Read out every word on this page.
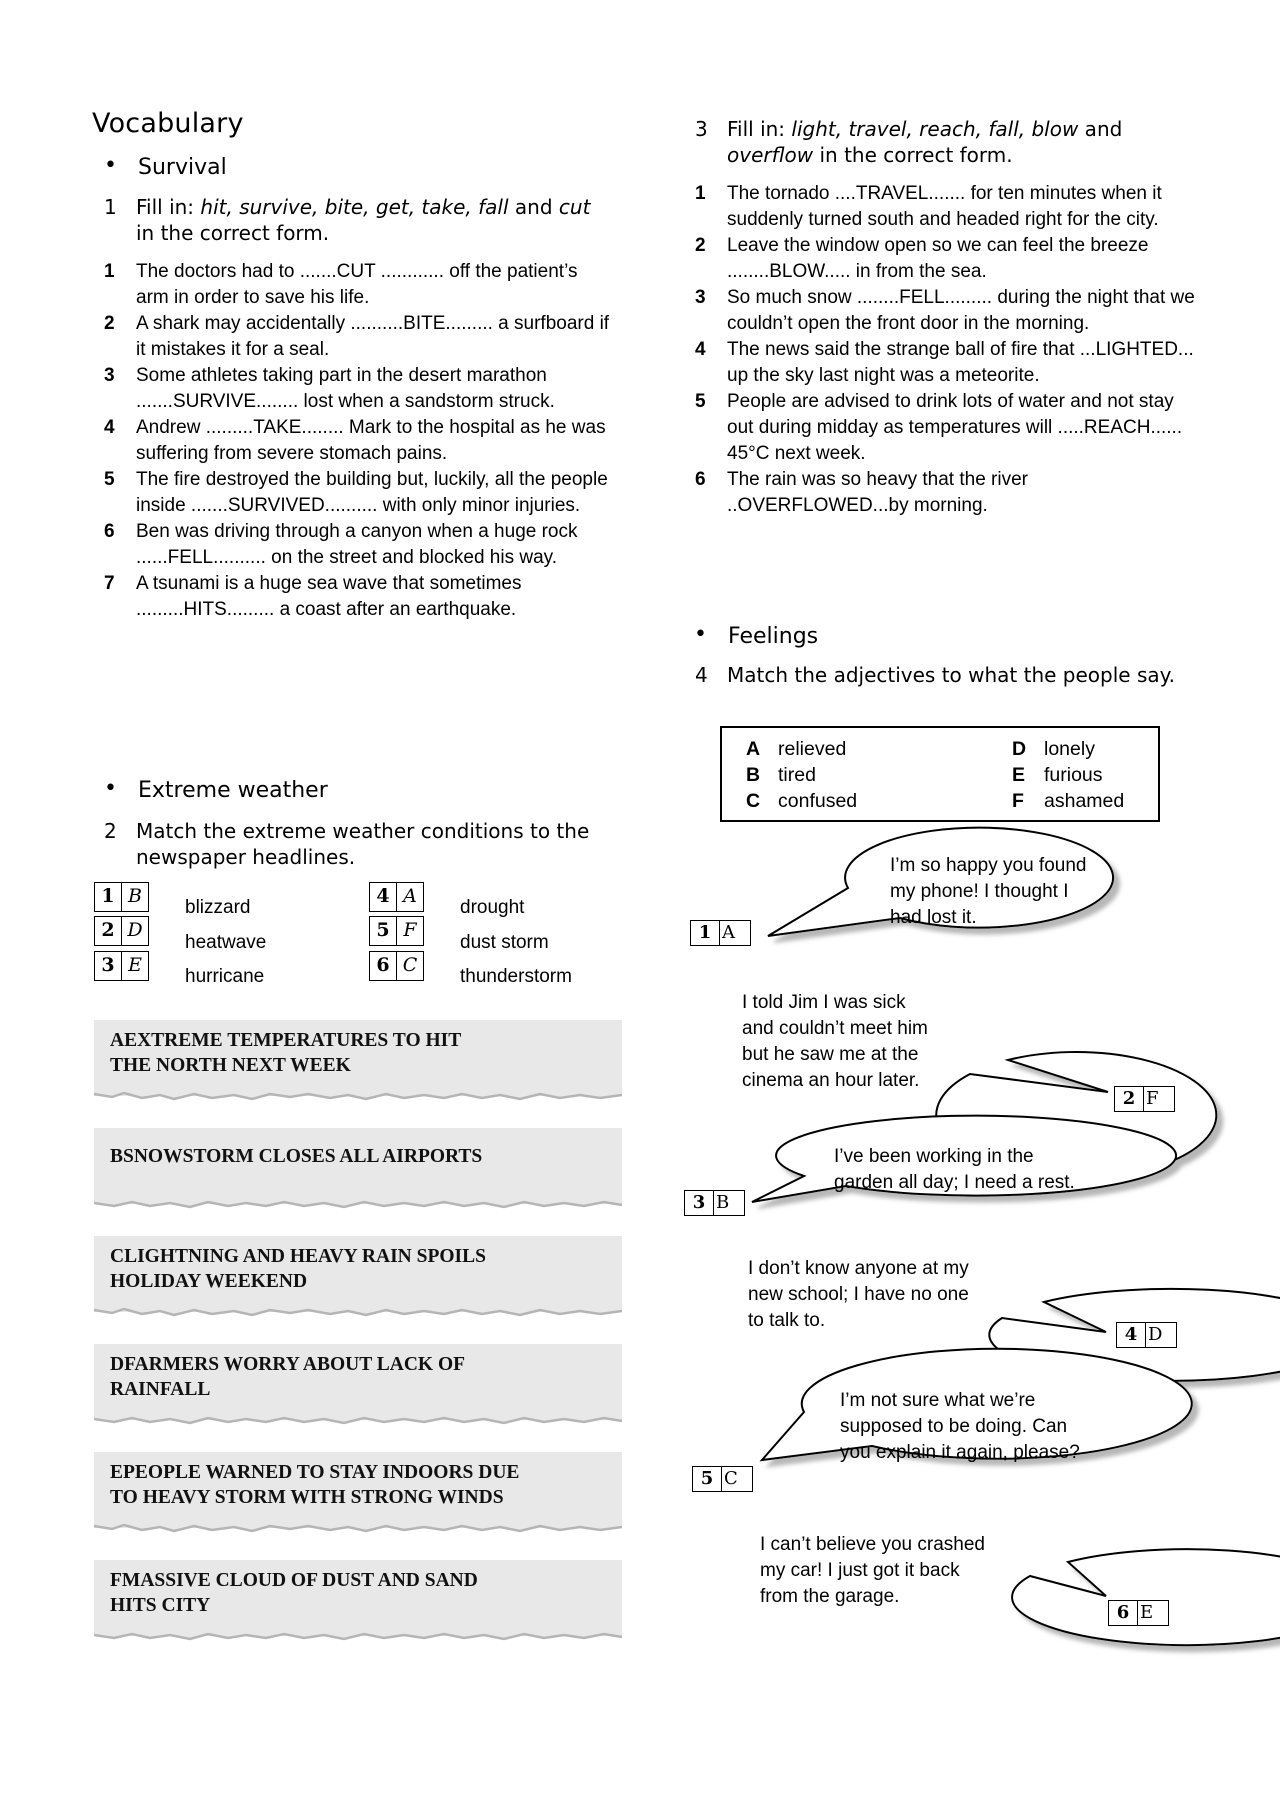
Vocabulary
• Survival
1 Fill in: hit, survive, bite, get, take, fall and cut
in the correct form.
1 The doctors had to .......CUT ............ off the patient’s arm in order to save his life.
2 A shark may accidentally ..........BITE......... a surfboard if it mistakes it for a seal.
3 Some athletes taking part in the desert marathon .......SURVIVE........ lost when a sandstorm struck.
4 Andrew .........TAKE........ Mark to the hospital as he was suffering from severe stomach pains.
5 The fire destroyed the building but, luckily, all the people inside .......SURVIVED.......... with only minor injuries.
6 Ben was driving through a canyon when a huge rock ......FELL.......... on the street and blocked his way.
7 A tsunami is a huge sea wave that sometimes .........HITS......... a coast after an earthquake.
• Extreme weather
2 Match the extreme weather conditions to the newspaper headlines.
1 B
2 D
3 E
blizzard
heatwave
hurricane
4 A
5 F
6 C
drought
dust storm
thunderstorm
AEXTREME TEMPERATURES TO HIT
THE NORTH NEXT WEEK
BSNOWSTORM CLOSES ALL AIRPORTS
CLIGHTNING AND HEAVY RAIN SPOILS
HOLIDAY WEEKEND
DFARMERS WORRY ABOUT LACK OF
RAINFALL
EPEOPLE WARNED TO STAY INDOORS DUE
TO HEAVY STORM WITH STRONG WINDS
FMASSIVE CLOUD OF DUST AND SAND
HITS CITY
3 Fill in: light, travel, reach, fall, blow and
overflow in the correct form.
1 The tornado ....TRAVEL....... for ten minutes when it suddenly turned south and headed right for the city.
2 Leave the window open so we can feel the breeze ........BLOW..... in from the sea.
3 So much snow ........FELL......... during the night that we couldn’t open the front door in the morning.
4 The news said the strange ball of fire that ...LIGHTED... up the sky last night was a meteorite.
5 People are advised to drink lots of water and not stay out during midday as temperatures will .....REACH...... 45°C next week.
6 The rain was so heavy that the river ..OVERFLOWED...by morning.
• Feelings
4 Match the adjectives to what the people say.
A relieved
B tired
C confused
D lonely
E furious
F ashamed
I’m so happy you found
my phone! I thought I
had lost it.
1 A
I told Jim I was sick
and couldn’t meet him
but he saw me at the
cinema an hour later.
2 F
I’ve been working in the
garden all day; I need a rest.
3 B
I don’t know anyone at my
new school; I have no one
to talk to.
4 D
I’m not sure what we’re
supposed to be doing. Can
you explain it again, please?
5 C
I can’t believe you crashed
my car! I just got it back
from the garage.
6 E
